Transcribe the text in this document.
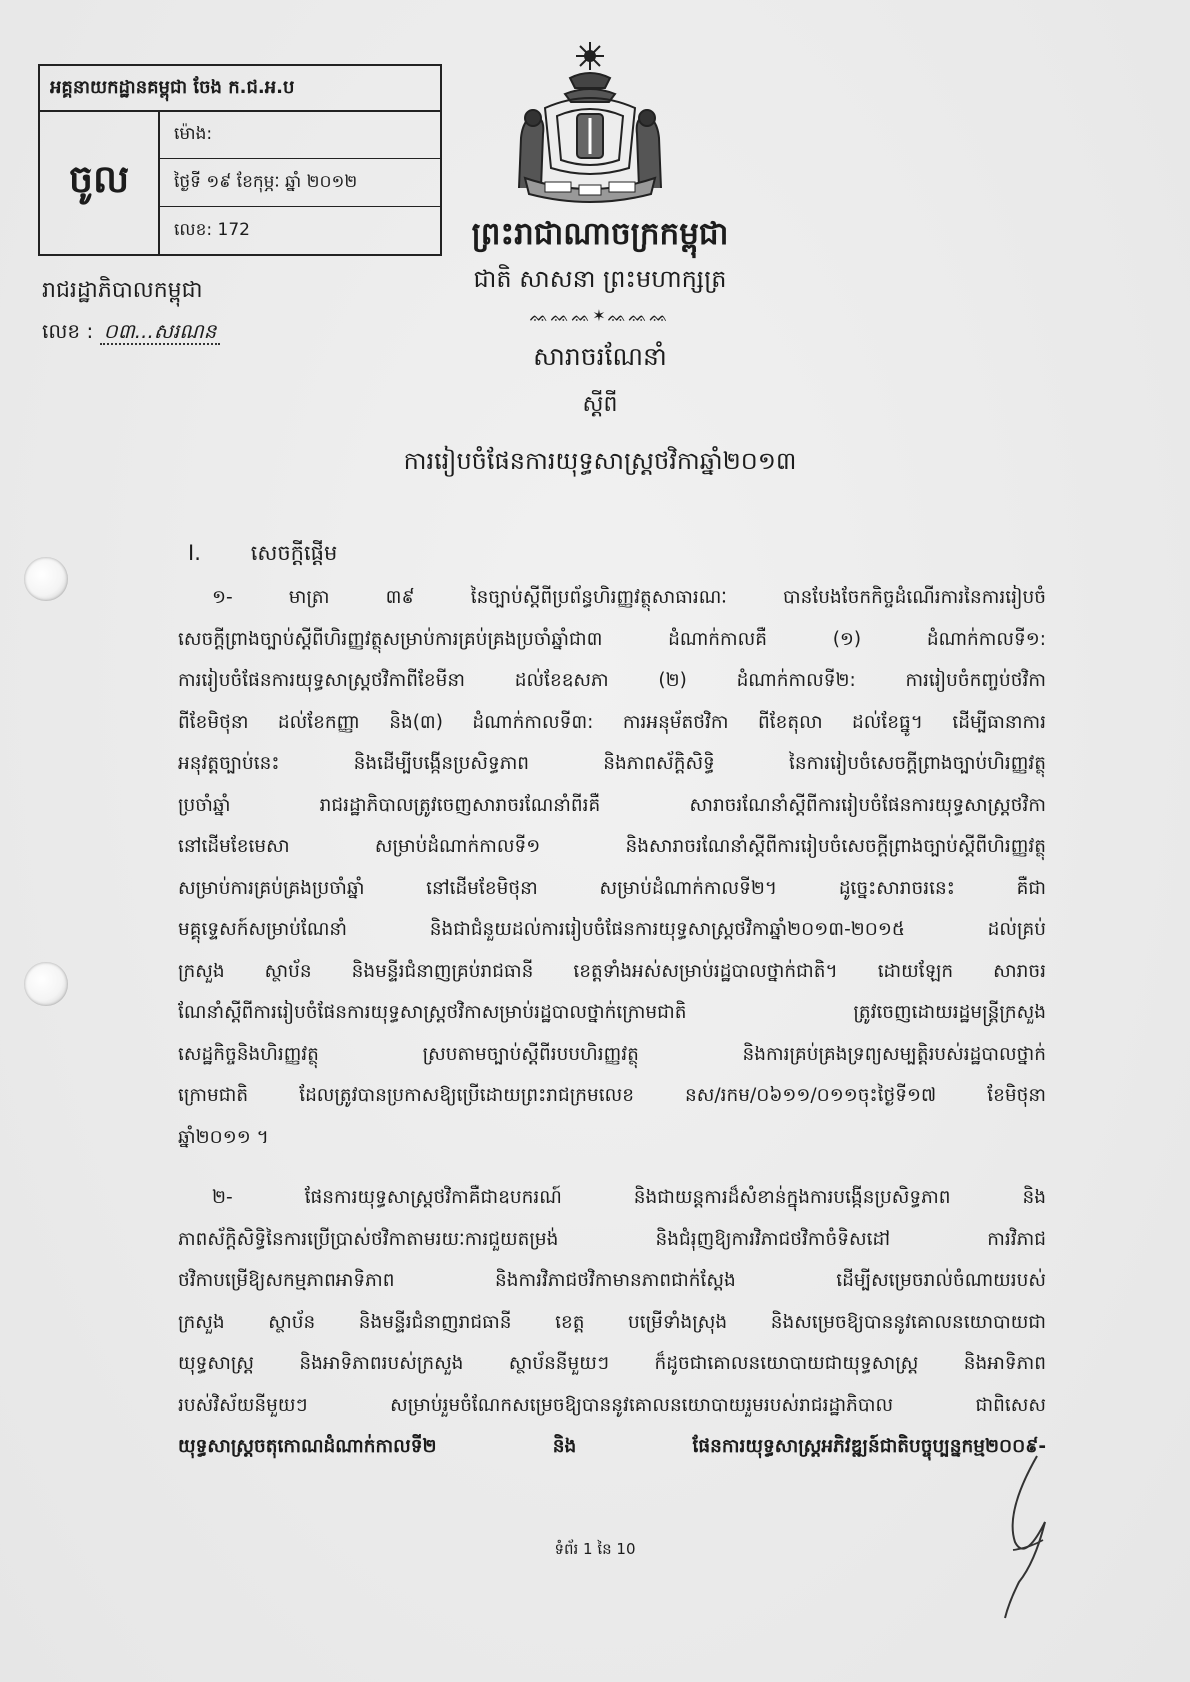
អគ្គនាយកដ្ឋានគម្ពុជា ចែង ក.ជ.អ.ប
ចូល
ម៉ោង:
ថ្ងៃទី ១៩ ខែកុម្ភៈ ឆ្នាំ ២០១២
លេខ: 172
រាជរដ្ឋាភិបាលកម្ពុជា
លេខ : ០៣...សរណន
ព្រះរាជាណាចក្រកម្ពុជា
ជាតិ សាសនា ព្រះមហាក្សត្រ
ᨐᨐᨐ✶ᨐᨐᨐ
សារាចរណែនាំ
ស្តីពី
ការរៀបចំផែនការយុទ្ធសាស្ត្រថវិកាឆ្នាំ២០១៣
I. សេចក្តីផ្តើម
១- មាត្រា ៣៩ នៃច្បាប់ស្តីពីប្រព័ន្ធហិរញ្ញវត្ថុសាធារណៈ បានបែងចែកកិច្ចដំណើរការនៃការរៀបចំ
សេចក្តីព្រាងច្បាប់ស្តីពីហិរញ្ញវត្ថុសម្រាប់ការគ្រប់គ្រងប្រចាំឆ្នាំជា៣ ដំណាក់កាលគឺ (១) ដំណាក់កាលទី១:
ការរៀបចំផែនការយុទ្ធសាស្ត្រថវិកាពីខែមីនា ដល់ខែឧសភា (២) ដំណាក់កាលទី២: ការរៀបចំកញ្ចប់ថវិកា
ពីខែមិថុនា ដល់ខែកញ្ញា និង(៣) ដំណាក់កាលទី៣: ការអនុម័តថវិកា ពីខែតុលា ដល់ខែធ្នូ។ ដើម្បីធានាការ
អនុវត្តច្បាប់នេះ និងដើម្បីបង្កើនប្រសិទ្ធភាព និងភាពស័ក្តិសិទ្ធិ នៃការរៀបចំសេចក្តីព្រាងច្បាប់ហិរញ្ញវត្ថុ
ប្រចាំឆ្នាំ រាជរដ្ឋាភិបាលត្រូវចេញសារាចរណែនាំពីរគឺ សារាចរណែនាំស្តីពីការរៀបចំផែនការយុទ្ធសាស្ត្រថវិកា
នៅដើមខែមេសា សម្រាប់ដំណាក់កាលទី១ និងសារាចរណែនាំស្តីពីការរៀបចំសេចក្តីព្រាងច្បាប់ស្តីពីហិរញ្ញវត្ថុ
សម្រាប់ការគ្រប់គ្រងប្រចាំឆ្នាំ នៅដើមខែមិថុនា សម្រាប់ដំណាក់កាលទី២។ ដូច្នេះសារាចរនេះ គឺជា
មគ្គុទ្ទេសក៍សម្រាប់ណែនាំ និងជាជំនួយដល់ការរៀបចំផែនការយុទ្ធសាស្ត្រថវិកាឆ្នាំ២០១៣-២០១៥ ដល់គ្រប់
ក្រសួង ស្ថាប័ន និងមន្ទីរជំនាញគ្រប់រាជធានី ខេត្តទាំងអស់សម្រាប់រដ្ឋបាលថ្នាក់ជាតិ។ ដោយឡែក សារាចរ
ណែនាំស្តីពីការរៀបចំផែនការយុទ្ធសាស្ត្រថវិកាសម្រាប់រដ្ឋបាលថ្នាក់ក្រោមជាតិ ត្រូវចេញដោយរដ្ឋមន្ត្រីក្រសួង
សេដ្ឋកិច្ចនិងហិរញ្ញវត្ថុ ស្របតាមច្បាប់ស្តីពីរបបហិរញ្ញវត្ថុ និងការគ្រប់គ្រងទ្រព្យសម្បត្តិរបស់រដ្ឋបាលថ្នាក់
ក្រោមជាតិ ដែលត្រូវបានប្រកាសឱ្យប្រើដោយព្រះរាជក្រមលេខ នស/រកម/០៦១១/០១១ចុះថ្ងៃទី១៧ ខែមិថុនា
ឆ្នាំ២០១១ ។
២- ផែនការយុទ្ធសាស្ត្រថវិកាគឺជាឧបករណ៍ និងជាយន្តការដ៏សំខាន់ក្នុងការបង្កើនប្រសិទ្ធភាព និង
ភាពស័ក្តិសិទ្ធិនៃការប្រើប្រាស់ថវិកាតាមរយៈការជួយតម្រង់ និងជំរុញឱ្យការវិភាជថវិកាចំទិសដៅ ការវិភាជ
ថវិកាបម្រើឱ្យសកម្មភាពអាទិភាព និងការវិភាជថវិកាមានភាពជាក់ស្តែង ដើម្បីសម្រេចរាល់ចំណាយរបស់
ក្រសួង ស្ថាប័ន និងមន្ទីរជំនាញរាជធានី ខេត្ត បម្រើទាំងស្រុង និងសម្រេចឱ្យបាននូវគោលនយោបាយជា
យុទ្ធសាស្ត្រ និងអាទិភាពរបស់ក្រសួង ស្ថាប័ននីមួយៗ ក៏ដូចជាគោលនយោបាយជាយុទ្ធសាស្ត្រ និងអាទិភាព
របស់វិស័យនីមួយៗ សម្រាប់រួមចំណែកសម្រេចឱ្យបាននូវគោលនយោបាយរួមរបស់រាជរដ្ឋាភិបាល ជាពិសេស
យុទ្ធសាស្ត្រចតុកោណដំណាក់កាលទី២ និង ផែនការយុទ្ធសាស្ត្រអភិវឌ្ឍន៍ជាតិបច្ចុប្បន្នកម្ម២០០៩-
ទំព័រ 1 នៃ 10
